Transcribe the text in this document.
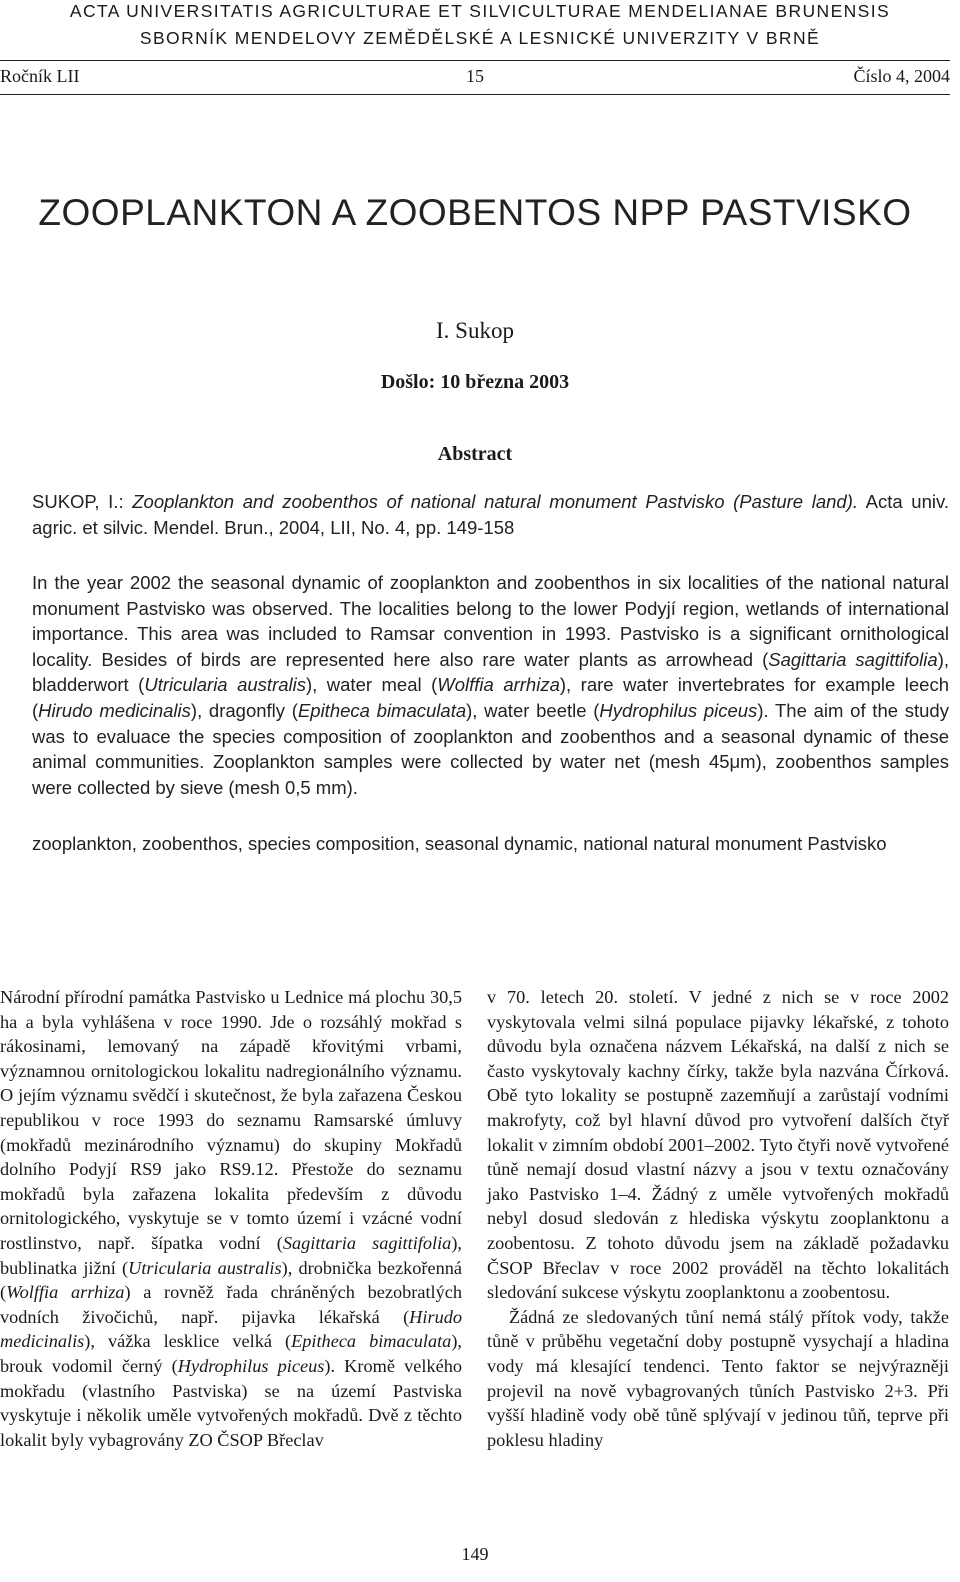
ACTA UNIVERSITATIS AGRICULTURAE ET SILVICULTURAE MENDELIANAE BRUNENSIS
SBORNÍK MENDELOVY ZEMĚDĚLSKÉ A LESNICKÉ UNIVERZITY V BRNĚ
Ročník LII	15	Číslo 4, 2004
ZOOPLANKTON A ZOOBENTOS NPP PASTVISKO
I. Sukop
Došlo: 10 března 2003
Abstract
SUKOP, I.: Zooplankton and zoobenthos of national natural monument Pastvisko (Pasture land). Acta univ. agric. et silvic. Mendel. Brun., 2004, LII, No. 4, pp. 149-158
In the year 2002 the seasonal dynamic of zooplankton and zoobenthos in six localities of the national natural monument Pastvisko was observed. The localities belong to the lower Podyjí region, wetlands of international importance. This area was included to Ramsar convention in 1993. Pastvisko is a significant ornithological locality. Besides of birds are represented here also rare water plants as arrowhead (Sagittaria sagittifolia), bladderwort (Utricularia australis), water meal (Wolffia arrhiza), rare water invertebrates for example leech (Hirudo medicinalis), dragonfly (Epitheca bimaculata), water beetle (Hydrophilus piceus). The aim of the study was to evaluace the species composition of zooplankton and zoobenthos and a seasonal dynamic of these animal communities. Zooplankton samples were collected by water net (mesh 45μm), zoobenthos samples were collected by sieve (mesh 0,5 mm).
zooplankton, zoobenthos, species composition, seasonal dynamic, national natural monument Pastvisko

Národní přírodní památka Pastvisko u Lednice má plochu 30,5 ha a byla vyhlášena v roce 1990. Jde o rozsáhlý mokřad s rákosinami, lemovaný na západě křovitými vrbami, významnou ornitologickou lokalitu nadregionálního významu. O jejím významu svědčí i skutečnost, že byla zařazena Českou republikou v roce 1993 do seznamu Ramsarské úmluvy (mokřadů mezinárodního významu) do skupiny Mokřadů dolního Podyjí RS9 jako RS9.12. Přestože do seznamu mokřadů byla zařazena lokalita především z důvodu ornitologického, vyskytuje se v tomto území i vzácné vodní rostlinstvo, např. šípatka vodní (Sagittaria sagittifolia), bublinatka jižní (Utricularia australis), drobnička bezkořenná (Wolffia arrhiza) a rovněž řada chráněných bezobratlých vodních živočichů, např. pijavka lékařská (Hirudo medicinalis), vážka lesklice velká (Epitheca bimaculata), brouk vodomil černý (Hydrophilus piceus). Kromě velkého mokřadu (vlastního Pastviska) se na území Pastviska vyskytuje i několik uměle vytvořených mokřadů. Dvě z těchto lokalit byly vybagrovány ZO ČSOP Břeclav

v 70. letech 20. století. V jedné z nich se v roce 2002 vyskytovala velmi silná populace pijavky lékařské, z tohoto důvodu byla označena názvem Lékařská, na další z nich se často vyskytovaly kachny čírky, takže byla nazvána Čírková. Obě tyto lokality se postupně zazemňují a zarůstají vodními makrofyty, což byl hlavní důvod pro vytvoření dalších čtyř lokalit v zimním období 2001–2002. Tyto čtyři nově vytvořené tůně nemají dosud vlastní názvy a jsou v textu označovány jako Pastvisko 1–4. Žádný z uměle vytvořených mokřadů nebyl dosud sledován z hlediska výskytu zooplanktonu a zoobentosu. Z tohoto důvodu jsem na základě požadavku ČSOP Břeclav v roce 2002 prováděl na těchto lokalitách sledování sukcese výskytu zooplanktonu a zoobentosu.

Žádná ze sledovaných tůní nemá stálý přítok vody, takže tůně v průběhu vegetační doby postupně vysychají a hladina vody má klesající tendenci. Tento faktor se nejvýrazněji projevil na nově vybagrovaných tůních Pastvisko 2+3. Při vyšší hladině vody obě tůně splývají v jedinou tůň, teprve při poklesu hladiny

149
